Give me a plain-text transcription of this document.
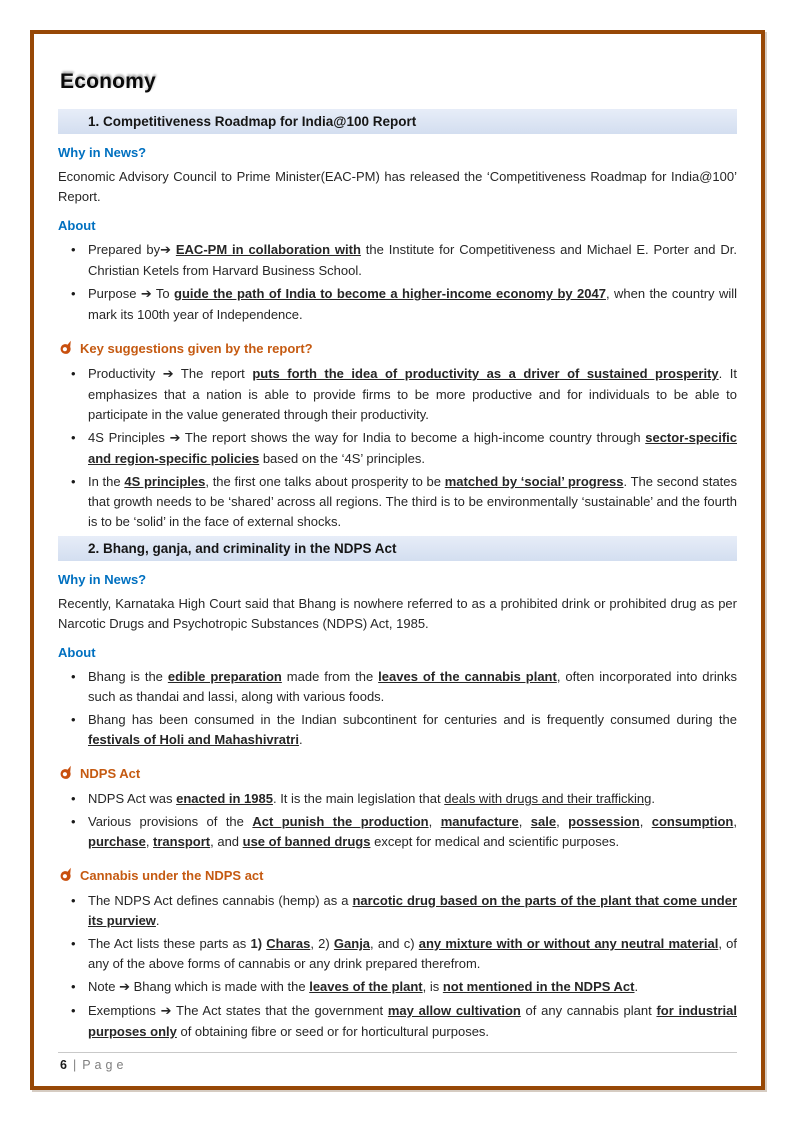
Economy
1. Competitiveness Roadmap for India@100 Report
Why in News?

Economic Advisory Council to Prime Minister(EAC-PM) has released the ‘Competitiveness Roadmap for India@100’ Report.

About
• Prepared by➔ EAC-PM in collaboration with the Institute for Competitiveness and Michael E. Porter and Dr. Christian Ketels from Harvard Business School.
• Purpose ➔ To guide the path of India to become a higher-income economy by 2047, when the country will mark its 100th year of Independence.
Key suggestions given by the report?
• Productivity ➔ The report puts forth the idea of productivity as a driver of sustained prosperity. It emphasizes that a nation is able to provide firms to be more productive and for individuals to be able to participate in the value generated through their productivity.
• 4S Principles ➔ The report shows the way for India to become a high-income country through sector-specific and region-specific policies based on the ‘4S’ principles.
• In the 4S principles, the first one talks about prosperity to be matched by ‘social’ progress. The second states that growth needs to be ‘shared’ across all regions. The third is to be environmentally ‘sustainable’ and the fourth is to be ‘solid’ in the face of external shocks.
2. Bhang, ganja, and criminality in the NDPS Act
Why in News?

Recently, Karnataka High Court said that Bhang is nowhere referred to as a prohibited drink or prohibited drug as per Narcotic Drugs and Psychotropic Substances (NDPS) Act, 1985.

About
• Bhang is the edible preparation made from the leaves of the cannabis plant, often incorporated into drinks such as thandai and lassi, along with various foods.
• Bhang has been consumed in the Indian subcontinent for centuries and is frequently consumed during the festivals of Holi and Mahashivratri.
NDPS Act
• NDPS Act was enacted in 1985. It is the main legislation that deals with drugs and their trafficking.
• Various provisions of the Act punish the production, manufacture, sale, possession, consumption, purchase, transport, and use of banned drugs except for medical and scientific purposes.
Cannabis under the NDPS act
• The NDPS Act defines cannabis (hemp) as a narcotic drug based on the parts of the plant that come under its purview.
• The Act lists these parts as 1) Charas, 2) Ganja, and c) any mixture with or without any neutral material, of any of the above forms of cannabis or any drink prepared therefrom.
• Note ➔ Bhang which is made with the leaves of the plant, is not mentioned in the NDPS Act.
• Exemptions ➔ The Act states that the government may allow cultivation of any cannabis plant for industrial purposes only of obtaining fibre or seed or for horticultural purposes.
6 | Page
